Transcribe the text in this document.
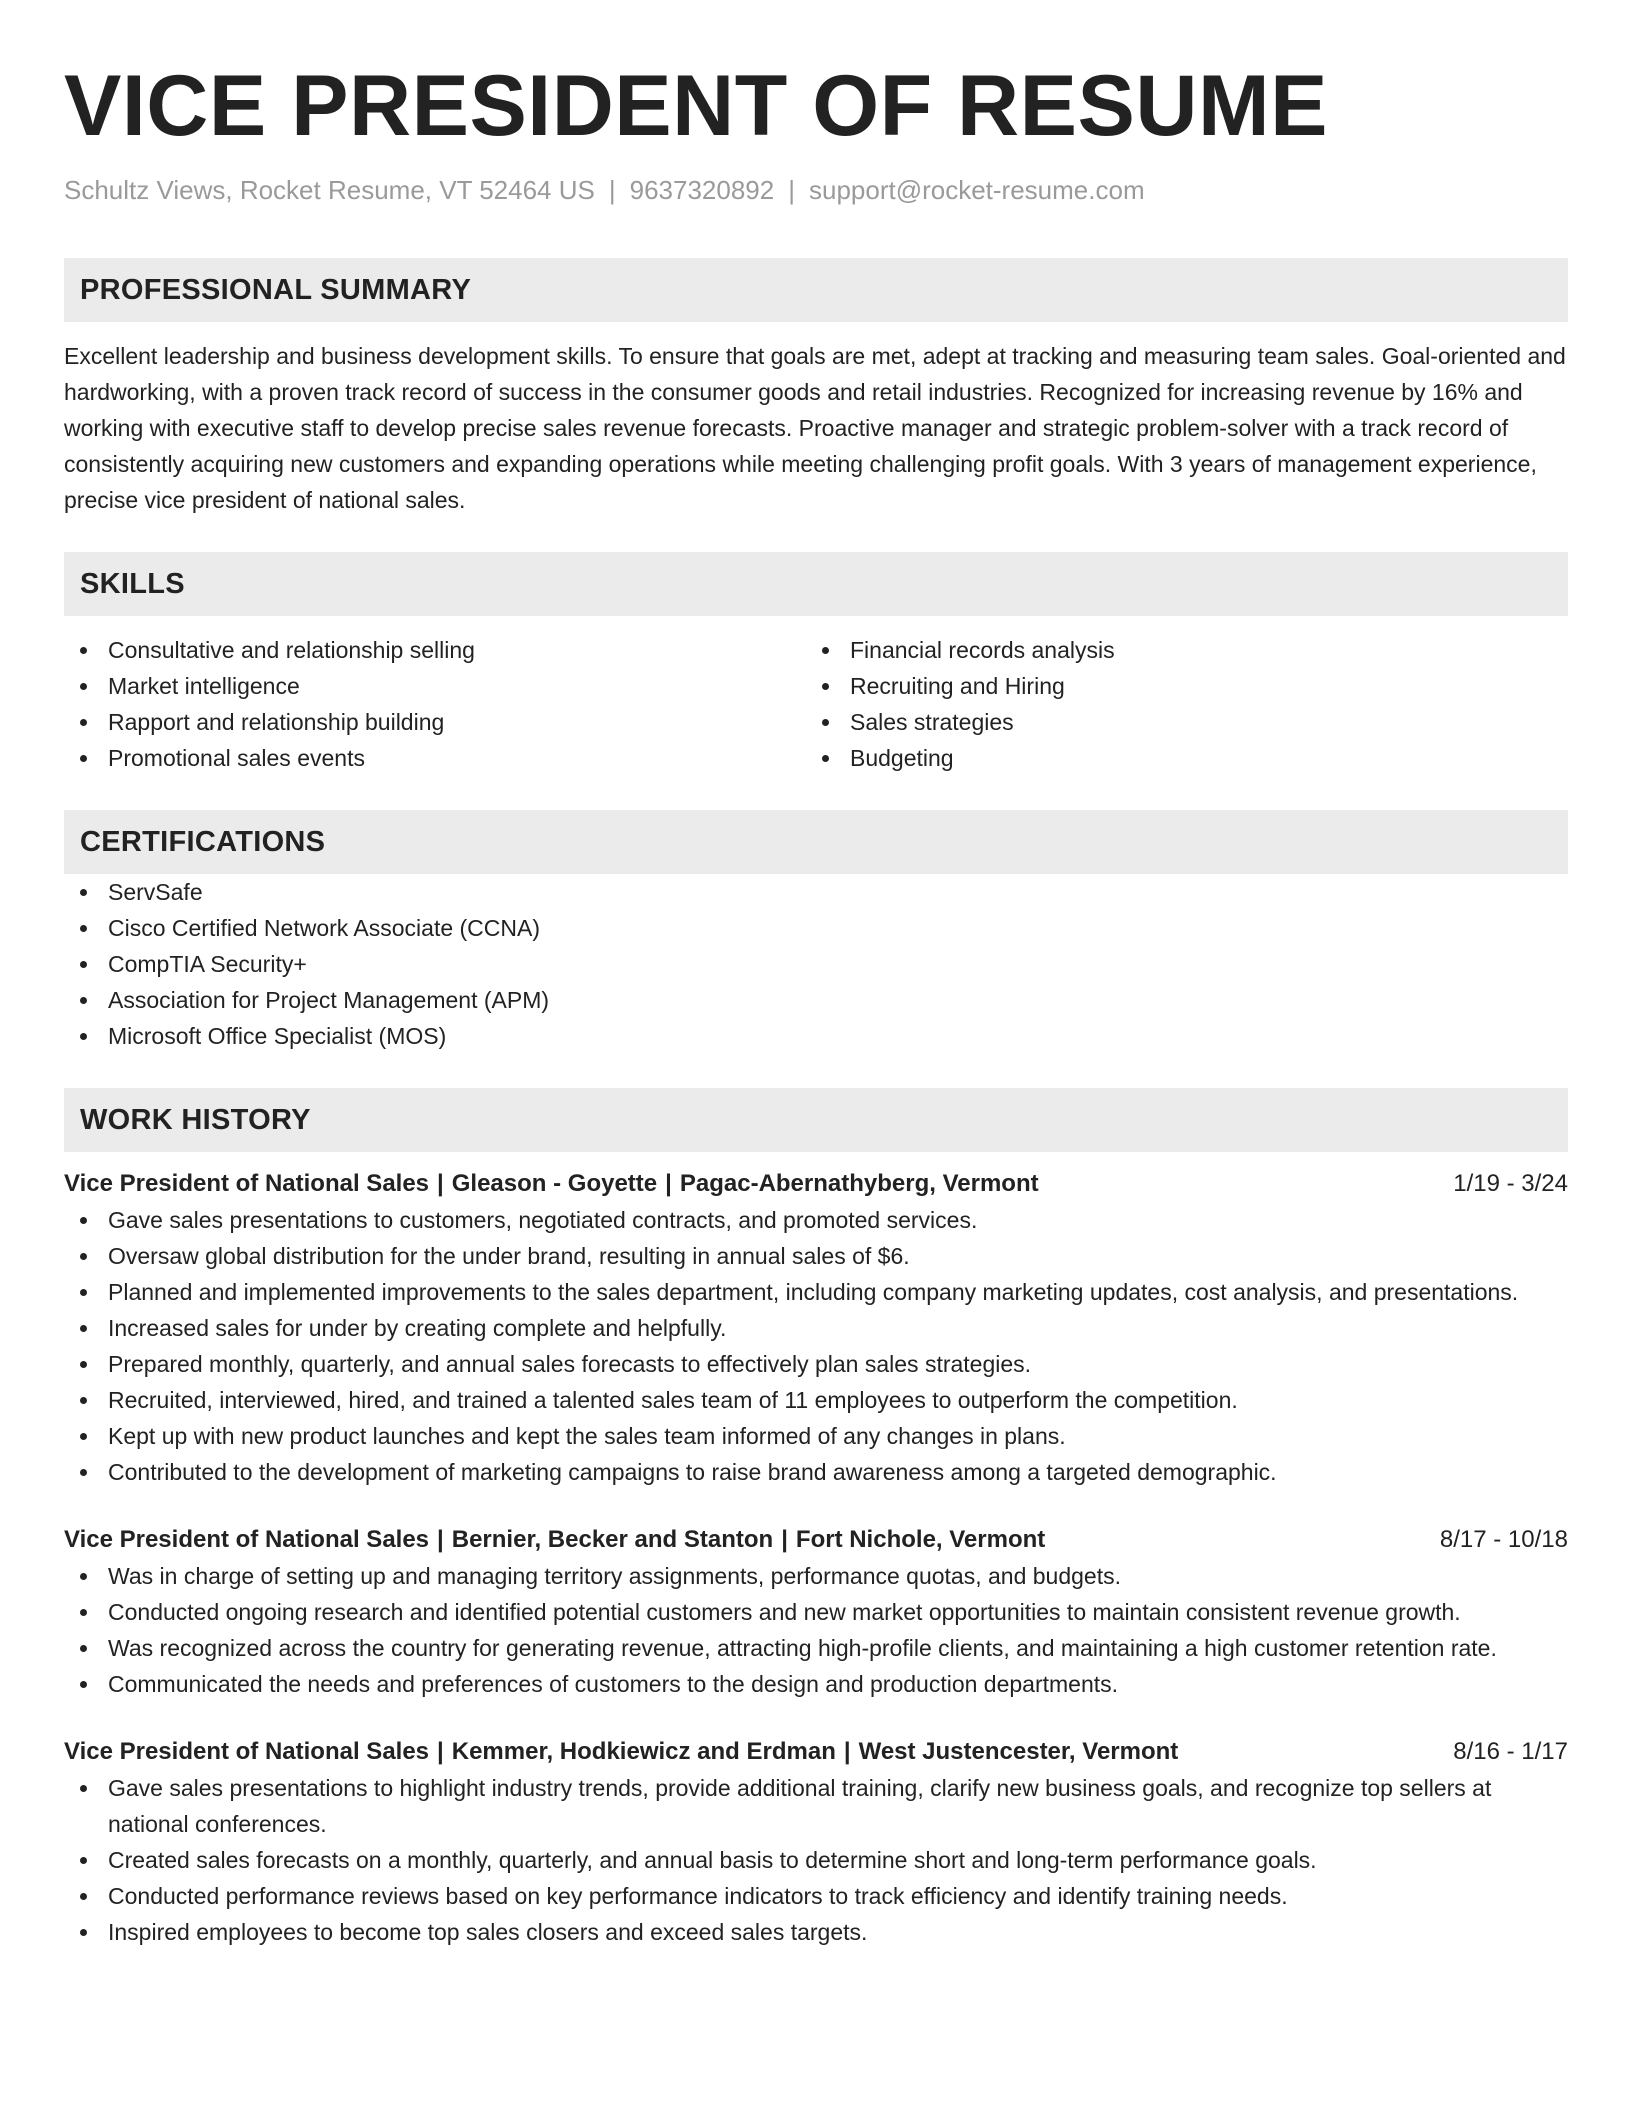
VICE PRESIDENT OF RESUME
Schultz Views, Rocket Resume, VT 52464 US | 9637320892 | support@rocket-resume.com
PROFESSIONAL SUMMARY

Excellent leadership and business development skills. To ensure that goals are met, adept at tracking and measuring team sales. Goal-oriented and hardworking, with a proven track record of success in the consumer goods and retail industries. Recognized for increasing revenue by 16% and working with executive staff to develop precise sales revenue forecasts. Proactive manager and strategic problem-solver with a track record of consistently acquiring new customers and expanding operations while meeting challenging profit goals. With 3 years of management experience, precise vice president of national sales.

SKILLS
Consultative and relationship selling
Market intelligence
Rapport and relationship building
Promotional sales events
Financial records analysis
Recruiting and Hiring
Sales strategies
Budgeting
CERTIFICATIONS
ServSafe
Cisco Certified Network Associate (CCNA)
CompTIA Security+
Association for Project Management (APM)
Microsoft Office Specialist (MOS)
WORK HISTORY
Vice President of National Sales | Gleason - Goyette | Pagac-Abernathyberg, Vermont	1/19 - 3/24
Gave sales presentations to customers, negotiated contracts, and promoted services.
Oversaw global distribution for the under brand, resulting in annual sales of $6.
Planned and implemented improvements to the sales department, including company marketing updates, cost analysis, and presentations.
Increased sales for under by creating complete and helpfully.
Prepared monthly, quarterly, and annual sales forecasts to effectively plan sales strategies.
Recruited, interviewed, hired, and trained a talented sales team of 11 employees to outperform the competition.
Kept up with new product launches and kept the sales team informed of any changes in plans.
Contributed to the development of marketing campaigns to raise brand awareness among a targeted demographic.
Vice President of National Sales | Bernier, Becker and Stanton | Fort Nichole, Vermont	8/17 - 10/18
Was in charge of setting up and managing territory assignments, performance quotas, and budgets.
Conducted ongoing research and identified potential customers and new market opportunities to maintain consistent revenue growth.
Was recognized across the country for generating revenue, attracting high-profile clients, and maintaining a high customer retention rate.
Communicated the needs and preferences of customers to the design and production departments.
Vice President of National Sales | Kemmer, Hodkiewicz and Erdman | West Justencester, Vermont	8/16 - 1/17
Gave sales presentations to highlight industry trends, provide additional training, clarify new business goals, and recognize top sellers at national conferences.
Created sales forecasts on a monthly, quarterly, and annual basis to determine short and long-term performance goals.
Conducted performance reviews based on key performance indicators to track efficiency and identify training needs.
Inspired employees to become top sales closers and exceed sales targets.
